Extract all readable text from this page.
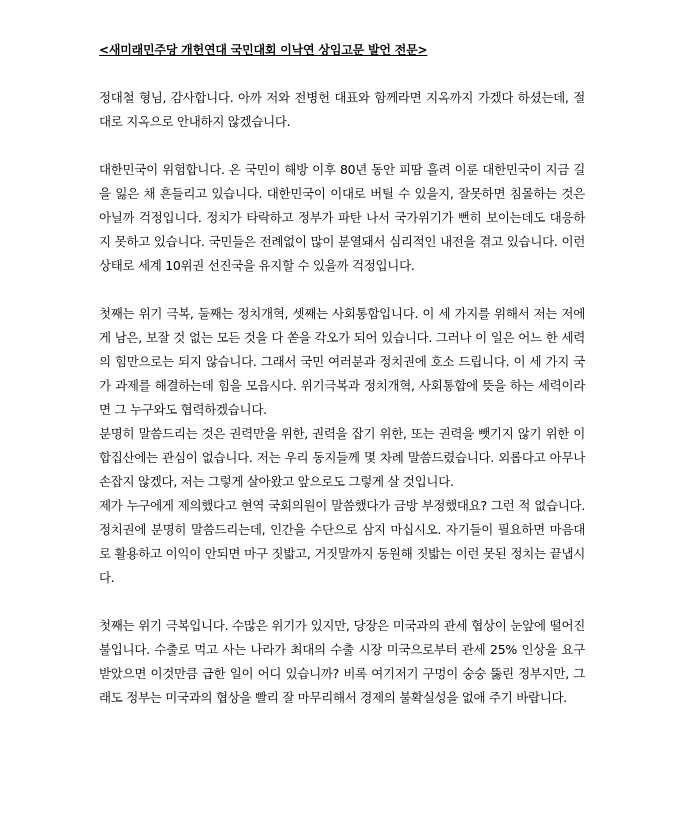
<새미래민주당 개헌연대 국민대회 이낙연 상임고문 발언 전문>

정대철 형님, 감사합니다. 아까 저와 전병헌 대표와 함께라면 지옥까지 가겠다 하셨는데, 절대로 지옥으로 안내하지 않겠습니다.

대한민국이 위험합니다. 온 국민이 해방 이후 80년 동안 피땀 흘려 이룬 대한민국이 지금 길을 잃은 채 흔들리고 있습니다. 대한민국이 이대로 버틸 수 있을지, 잘못하면 침몰하는 것은 아닐까 걱정입니다. 정치가 타락하고 정부가 파탄 나서 국가위기가 뻔히 보이는데도 대응하지 못하고 있습니다. 국민들은 전례없이 많이 분열돼서 심리적인 내전을 겪고 있습니다. 이런 상태로 세계 10위권 선진국을 유지할 수 있을까 걱정입니다.

첫째는 위기 극복, 둘째는 정치개혁, 셋째는 사회통합입니다. 이 세 가지를 위해서 저는 저에게 남은, 보잘 것 없는 모든 것을 다 쏟을 각오가 되어 있습니다. 그러나 이 일은 어느 한 세력의 힘만으로는 되지 않습니다. 그래서 국민 여러분과 정치권에 호소 드립니다. 이 세 가지 국가 과제를 해결하는데 힘을 모읍시다. 위기극복과 정치개혁, 사회통합에 뜻을 하는 세력이라면 그 누구와도 협력하겠습니다.

분명히 말씀드리는 것은 권력만을 위한, 권력을 잡기 위한, 또는 권력을 뺏기지 않기 위한 이합집산에는 관심이 없습니다. 저는 우리 동지들께 몇 차례 말씀드렸습니다. 외롭다고 아무나 손잡지 않겠다, 저는 그렇게 살아왔고 앞으로도 그렇게 살 것입니다.

제가 누구에게 제의했다고 현역 국회의원이 말씀했다가 금방 부정했대요? 그런 적 없습니다. 정치권에 분명히 말씀드리는데, 인간을 수단으로 삼지 마십시오. 자기들이 필요하면 마음대로 활용하고 이익이 안되면 마구 짓밟고, 거짓말까지 동원해 짓밟는 이런 못된 정치는 끝냅시다.

첫째는 위기 극복입니다. 수많은 위기가 있지만, 당장은 미국과의 관세 협상이 눈앞에 떨어진 불입니다. 수출로 먹고 사는 나라가 최대의 수출 시장 미국으로부터 관세 25% 인상을 요구받았으면 이것만큼 급한 일이 어디 있습니까? 비록 여기저기 구멍이 숭숭 뚫린 정부지만, 그래도 정부는 미국과의 협상을 빨리 잘 마무리해서 경제의 불확실성을 없애 주기 바랍니다.
